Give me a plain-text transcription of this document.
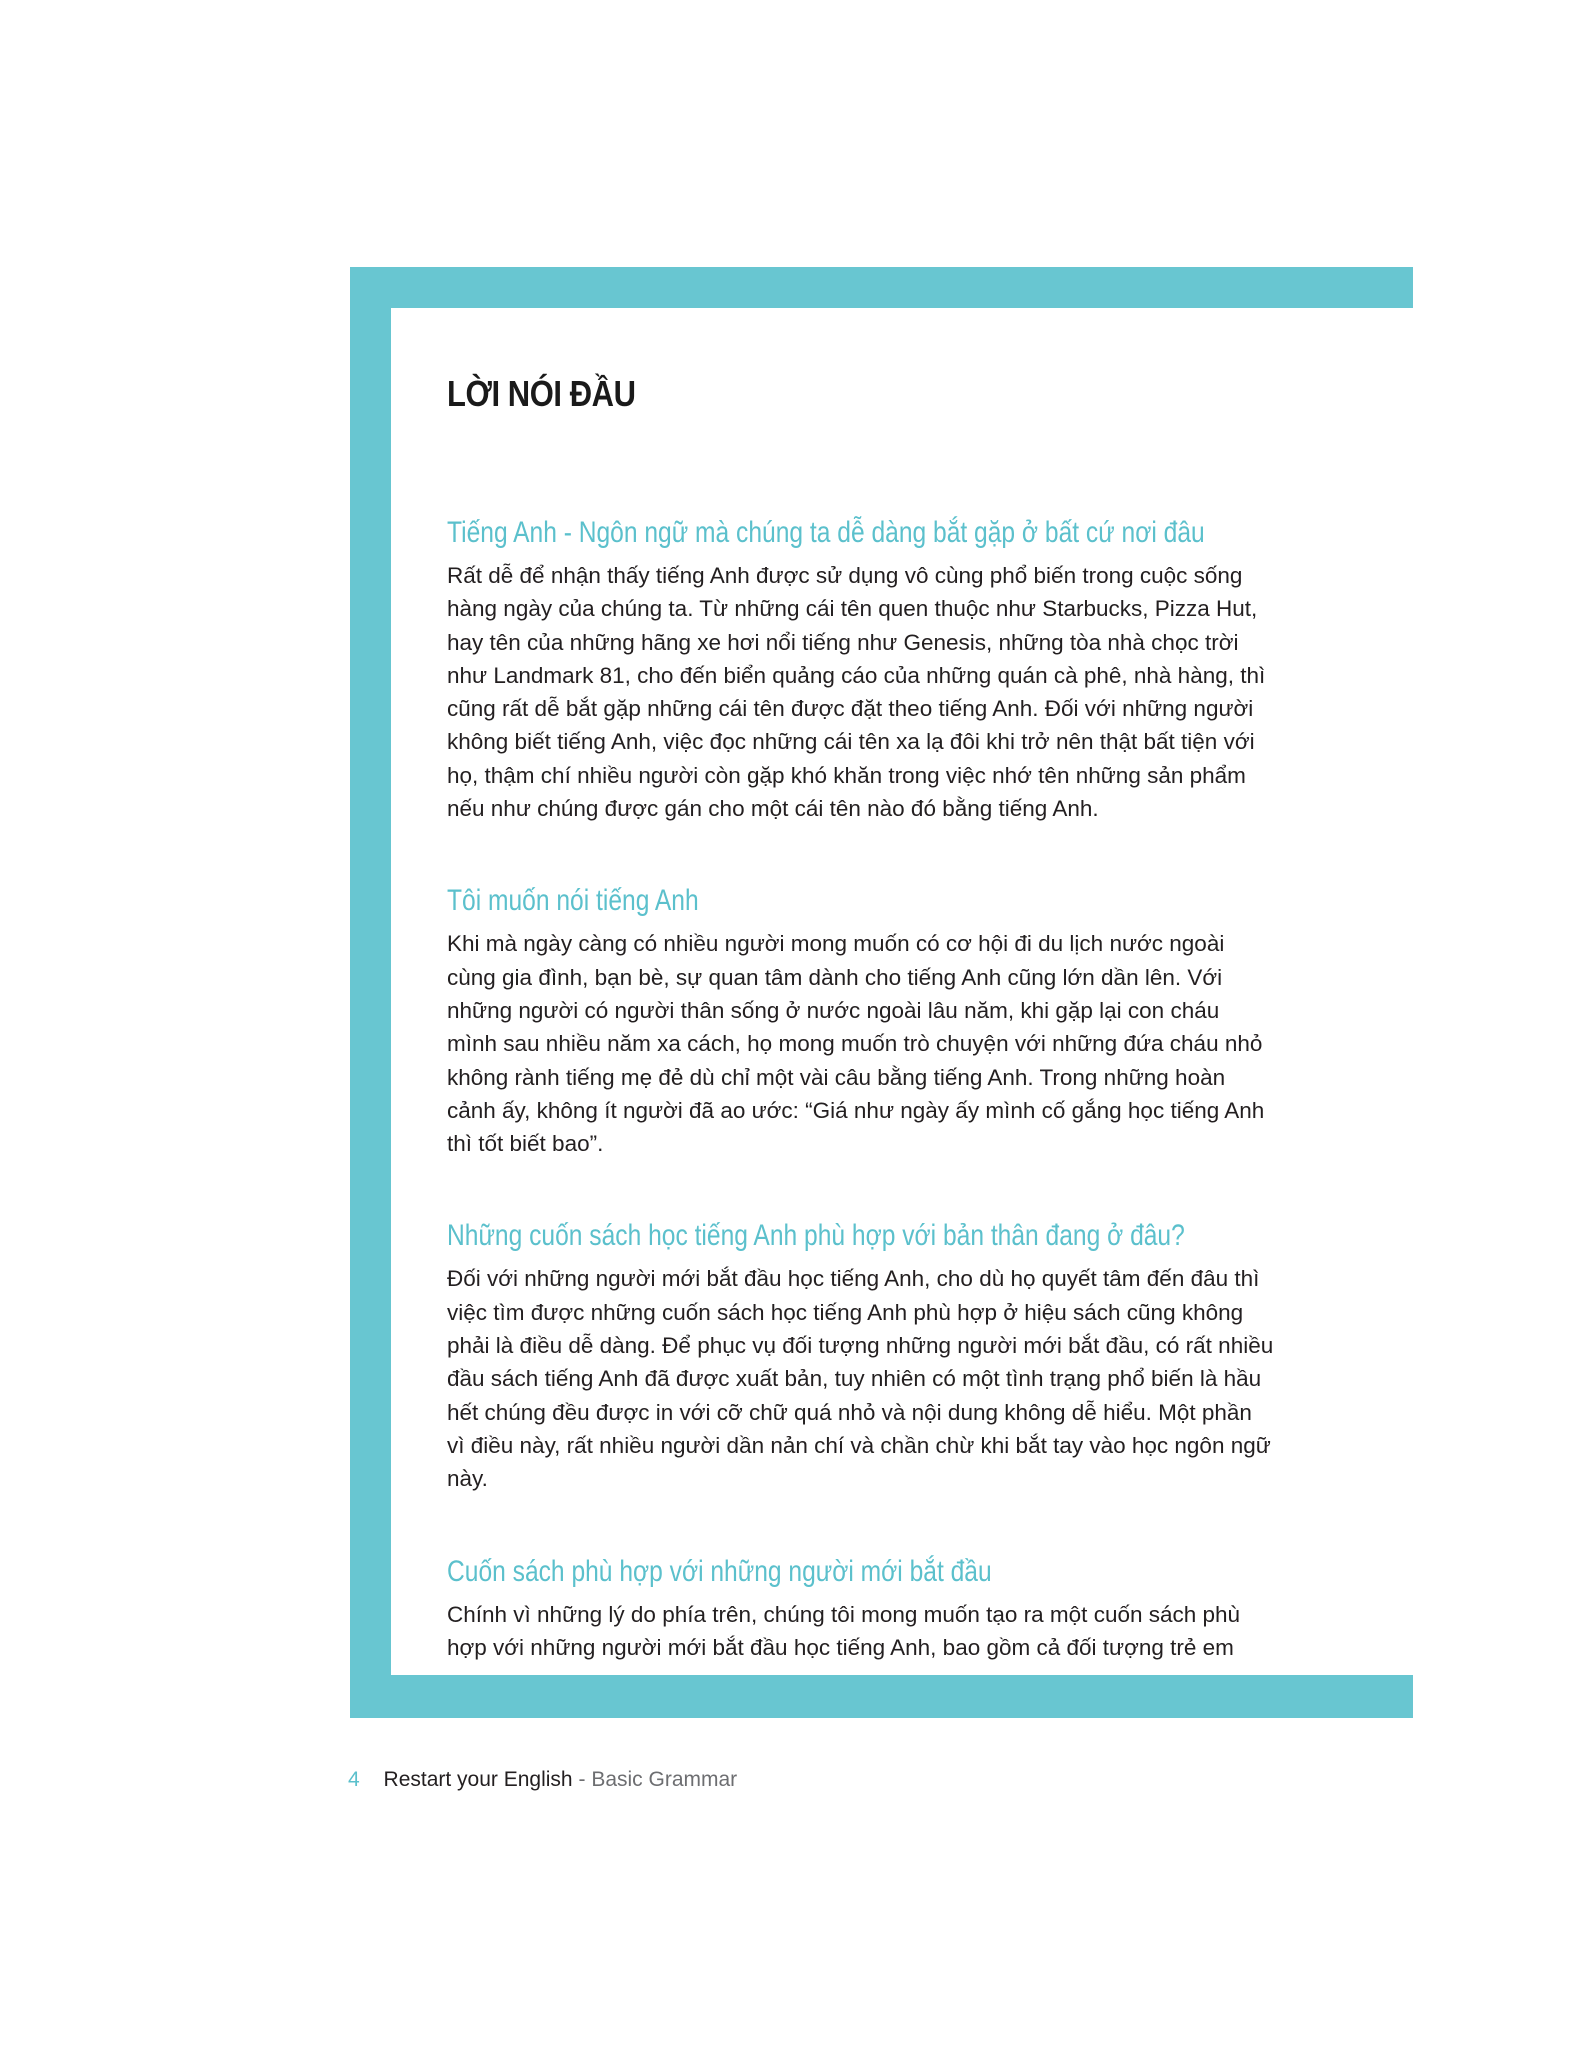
LỜI NÓI ĐẦU
Tiếng Anh - Ngôn ngữ mà chúng ta dễ dàng bắt gặp ở bất cứ nơi đâu
Rất dễ để nhận thấy tiếng Anh được sử dụng vô cùng phổ biến trong cuộc sống
hàng ngày của chúng ta. Từ những cái tên quen thuộc như Starbucks, Pizza Hut,
hay tên của những hãng xe hơi nổi tiếng như Genesis, những tòa nhà chọc trời
như Landmark 81, cho đến biển quảng cáo của những quán cà phê, nhà hàng, thì
cũng rất dễ bắt gặp những cái tên được đặt theo tiếng Anh. Đối với những người
không biết tiếng Anh, việc đọc những cái tên xa lạ đôi khi trở nên thật bất tiện với
họ, thậm chí nhiều người còn gặp khó khăn trong việc nhớ tên những sản phẩm
nếu như chúng được gán cho một cái tên nào đó bằng tiếng Anh.
Tôi muốn nói tiếng Anh
Khi mà ngày càng có nhiều người mong muốn có cơ hội đi du lịch nước ngoài
cùng gia đình, bạn bè, sự quan tâm dành cho tiếng Anh cũng lớn dần lên. Với
những người có người thân sống ở nước ngoài lâu năm, khi gặp lại con cháu
mình sau nhiều năm xa cách, họ mong muốn trò chuyện với những đứa cháu nhỏ
không rành tiếng mẹ đẻ dù chỉ một vài câu bằng tiếng Anh. Trong những hoàn
cảnh ấy, không ít người đã ao ước: “Giá như ngày ấy mình cố gắng học tiếng Anh
thì tốt biết bao”.
Những cuốn sách học tiếng Anh phù hợp với bản thân đang ở đâu?
Đối với những người mới bắt đầu học tiếng Anh, cho dù họ quyết tâm đến đâu thì
việc tìm được những cuốn sách học tiếng Anh phù hợp ở hiệu sách cũng không
phải là điều dễ dàng. Để phục vụ đối tượng những người mới bắt đầu, có rất nhiều
đầu sách tiếng Anh đã được xuất bản, tuy nhiên có một tình trạng phổ biến là hầu
hết chúng đều được in với cỡ chữ quá nhỏ và nội dung không dễ hiểu. Một phần
vì điều này, rất nhiều người dần nản chí và chần chừ khi bắt tay vào học ngôn ngữ
này.
Cuốn sách phù hợp với những người mới bắt đầu
Chính vì những lý do phía trên, chúng tôi mong muốn tạo ra một cuốn sách phù
hợp với những người mới bắt đầu học tiếng Anh, bao gồm cả đối tượng trẻ em
4 Restart your English - Basic Grammar
